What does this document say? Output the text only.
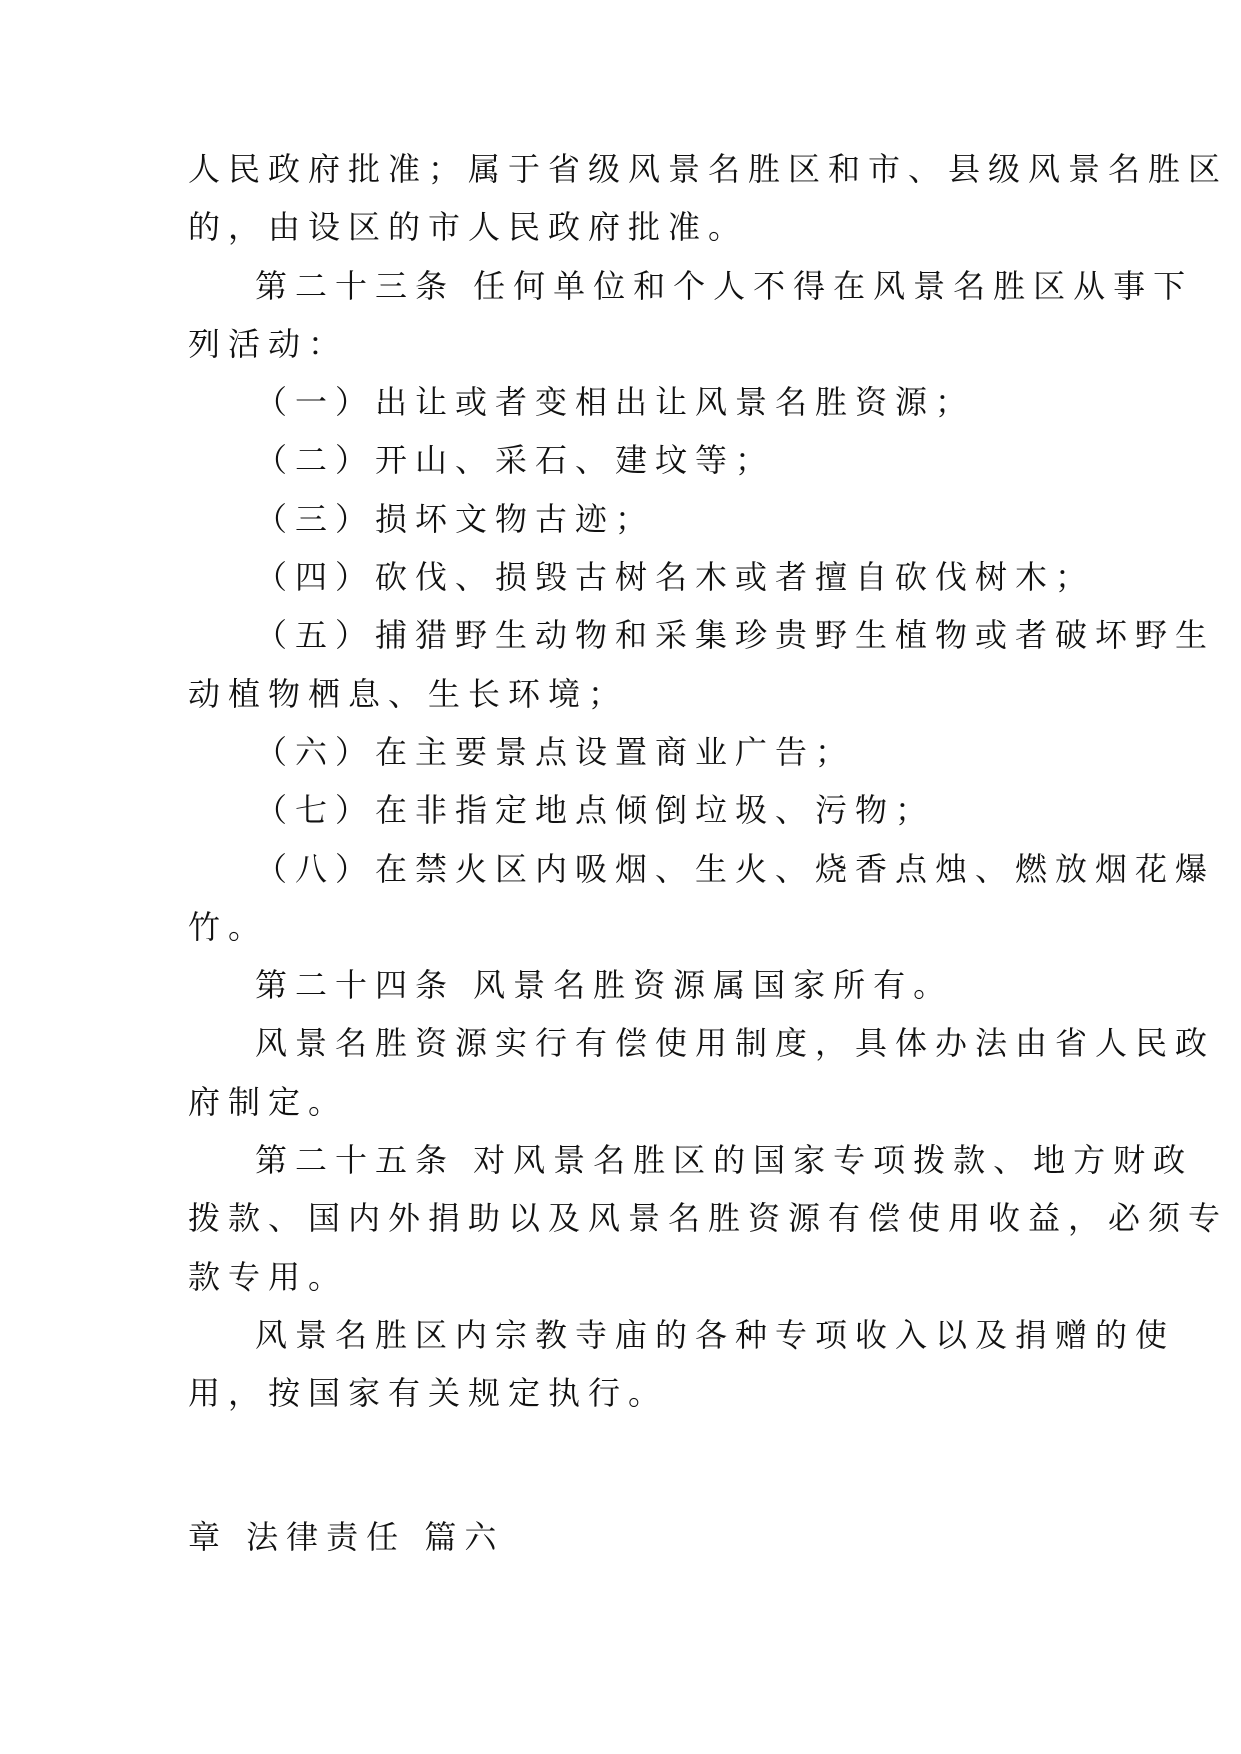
人民政府批准；属于省级风景名胜区和市、县级风景名胜区
的，由设区的市人民政府批准。
第二十三条 任何单位和个人不得在风景名胜区从事下
列活动：
（一）出让或者变相出让风景名胜资源；
（二）开山、采石、建坟等；
（三）损坏文物古迹；
（四）砍伐、损毁古树名木或者擅自砍伐树木；
（五）捕猎野生动物和采集珍贵野生植物或者破坏野生
动植物栖息、生长环境；
（六）在主要景点设置商业广告；
（七）在非指定地点倾倒垃圾、污物；
（八）在禁火区内吸烟、生火、烧香点烛、燃放烟花爆
竹。
第二十四条 风景名胜资源属国家所有。
风景名胜资源实行有偿使用制度，具体办法由省人民政
府制定。
第二十五条 对风景名胜区的国家专项拨款、地方财政
拨款、国内外捐助以及风景名胜资源有偿使用收益，必须专
款专用。
风景名胜区内宗教寺庙的各种专项收入以及捐赠的使
用，按国家有关规定执行。
章 法律责任 篇六
